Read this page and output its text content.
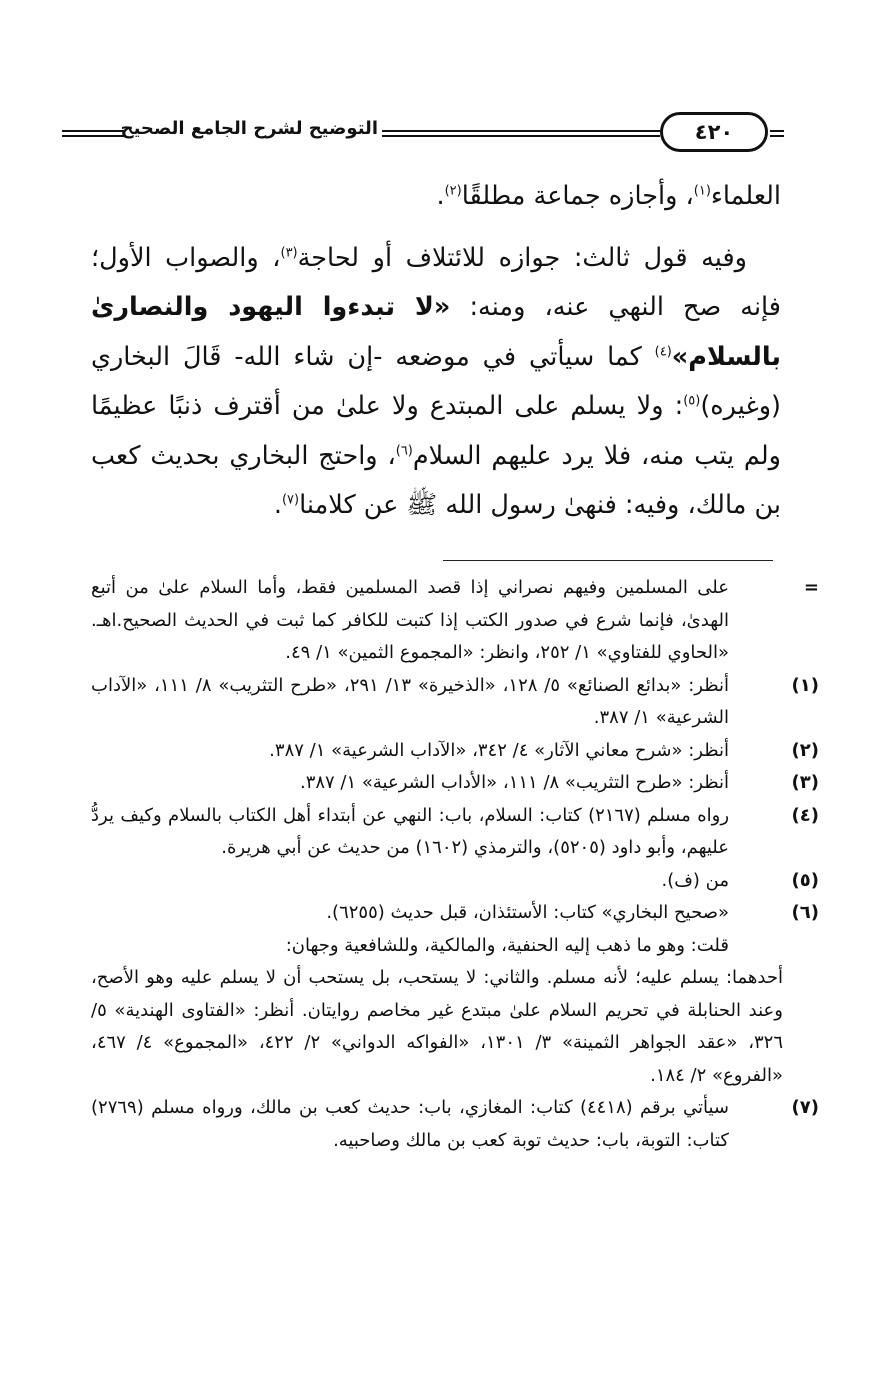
التوضيح لشرح الجامع الصحيح	٤٢٠

العلماء$^{(١)}$، وأجازه جماعة مطلقًا$^{(٢)}$.

وفيه قول ثالث: جوازه للائتلاف أو لحاجة$^{(٣)}$، والصواب الأول؛ فإنه صح النهي عنه، ومنه: «لا تبدءوا اليهود والنصارىٰ بالسلام»$^{(٤)}$ كما سيأتي في موضعه -إن شاء الله- قَالَ البخاري (وغيره)$^{(٥)}$: ولا يسلم على المبتدع ولا علىٰ من أقترف ذنبًا عظيمًا ولم يتب منه، فلا يرد عليهم السلام$^{(٦)}$، واحتج البخاري بحديث كعب بن مالك، وفيه: فنهىٰ رسول الله ﷺ عن كلامنا$^{(٧)}$.

=
على المسلمين وفيهم نصراني إذا قصد المسلمين فقط، وأما السلام علىٰ من أتبع الهدىٰ، فإنما شرع في صدور الكتب إذا كتبت للكافر كما ثبت في الحديث الصحيح.اهـ. «الحاوي للفتاوي» ١/ ٢٥٢، وانظر: «المجموع الثمين» ١/ ٤٩.
(١)
أنظر: «بدائع الصنائع» ٥/ ١٢٨، «الذخيرة» ١٣/ ٢٩١، «طرح التثريب» ٨/ ١١١، «الآداب الشرعية» ١/ ٣٨٧.
(٢)
أنظر: «شرح معاني الآثار» ٤/ ٣٤٢، «الآداب الشرعية» ١/ ٣٨٧.
(٣)
أنظر: «طرح التثريب» ٨/ ١١١، «الأداب الشرعية» ١/ ٣٨٧.
(٤)
رواه مسلم (٢١٦٧) كتاب: السلام، باب: النهي عن أبتداء أهل الكتاب بالسلام وكيف يردُّ عليهم، وأبو داود (٥٢٠٥)، والترمذي (١٦٠٢) من حديث عن أبي هريرة.
(٥)
من (ف).
(٦)
«صحيح البخاري» كتاب: الأستئذان، قبل حديث (٦٢٥٥).
قلت: وهو ما ذهب إليه الحنفية، والمالكية، وللشافعية وجهان:
أحدهما: يسلم عليه؛ لأنه مسلم. والثاني: لا يستحب، بل يستحب أن لا يسلم عليه وهو الأصح، وعند الحنابلة في تحريم السلام علىٰ مبتدع غير مخاصم روايتان. أنظر: «الفتاوى الهندية» ٥/ ٣٢٦، «عقد الجواهر الثمينة» ٣/ ١٣٠١، «الفواكه الدواني» ٢/ ٤٢٢، «المجموع» ٤/ ٤٦٧، «الفروع» ٢/ ١٨٤.
(٧)
سيأتي برقم (٤٤١٨) كتاب: المغازي، باب: حديث كعب بن مالك، ورواه مسلم (٢٧٦٩) كتاب: التوبة، باب: حديث توبة كعب بن مالك وصاحبيه.
